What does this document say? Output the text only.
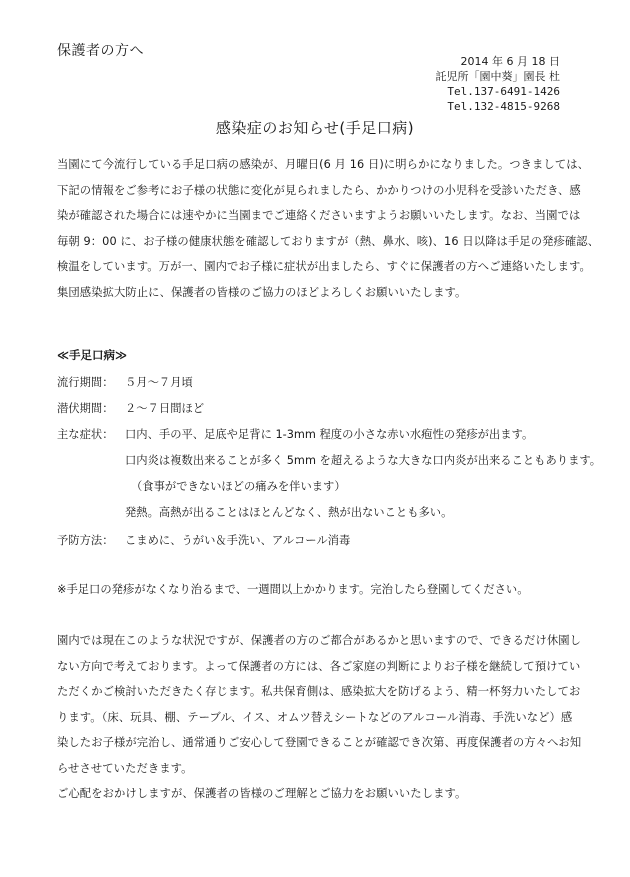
保護者の方へ
2014 年 6 月 18 日
託児所「園中葵」園長 杜
Tel.137-6491-1426
Tel.132-4815-9268
感染症のお知らせ(手足口病)
当園にて今流行している手足口病の感染が、月曜日(6 月 16 日)に明らかになりました。つきましては、
下記の情報をご参考にお子様の状態に変化が見られましたら、かかりつけの小児科を受診いただき、感
染が確認された場合には速やかに当園までご連絡くださいますようお願いいたします。なお、当園では
毎朝 9：00 に、お子様の健康状態を確認しておりますが（熱、鼻水、咳)、16 日以降は手足の発疹確認、
検温をしています。万が一、園内でお子様に症状が出ましたら、すぐに保護者の方へご連絡いたします。
集団感染拡大防止に、保護者の皆様のご協力のほどよろしくお願いいたします。
≪手足口病≫
流行期間： ５月～７月頃
潜伏期間： ２～７日間ほど
主な症状： 口内、手の平、足底や足背に 1-3mm 程度の小さな赤い水疱性の発疹が出ます。
口内炎は複数出来ることが多く 5mm を超えるような大きな口内炎が出来ることもあります。
（食事ができないほどの痛みを伴います）
発熱。高熱が出ることはほとんどなく、熱が出ないことも多い。
予防方法： こまめに、うがい＆手洗い、アルコール消毒
※手足口の発疹がなくなり治るまで、一週間以上かかります。完治したら登園してください。
園内では現在このような状況ですが、保護者の方のご都合があるかと思いますので、できるだけ休園し
ない方向で考えております。よって保護者の方には、各ご家庭の判断によりお子様を継続して預けてい
ただくかご検討いただきたく存じます。私共保育側は、感染拡大を防げるよう、精一杯努力いたしてお
ります。（床、玩具、棚、テーブル、イス、オムツ替えシートなどのアルコール消毒、手洗いなど）感
染したお子様が完治し、通常通りご安心して登園できることが確認でき次第、再度保護者の方々へお知
らせさせていただきます。
ご心配をおかけしますが、保護者の皆様のご理解とご協力をお願いいたします。
